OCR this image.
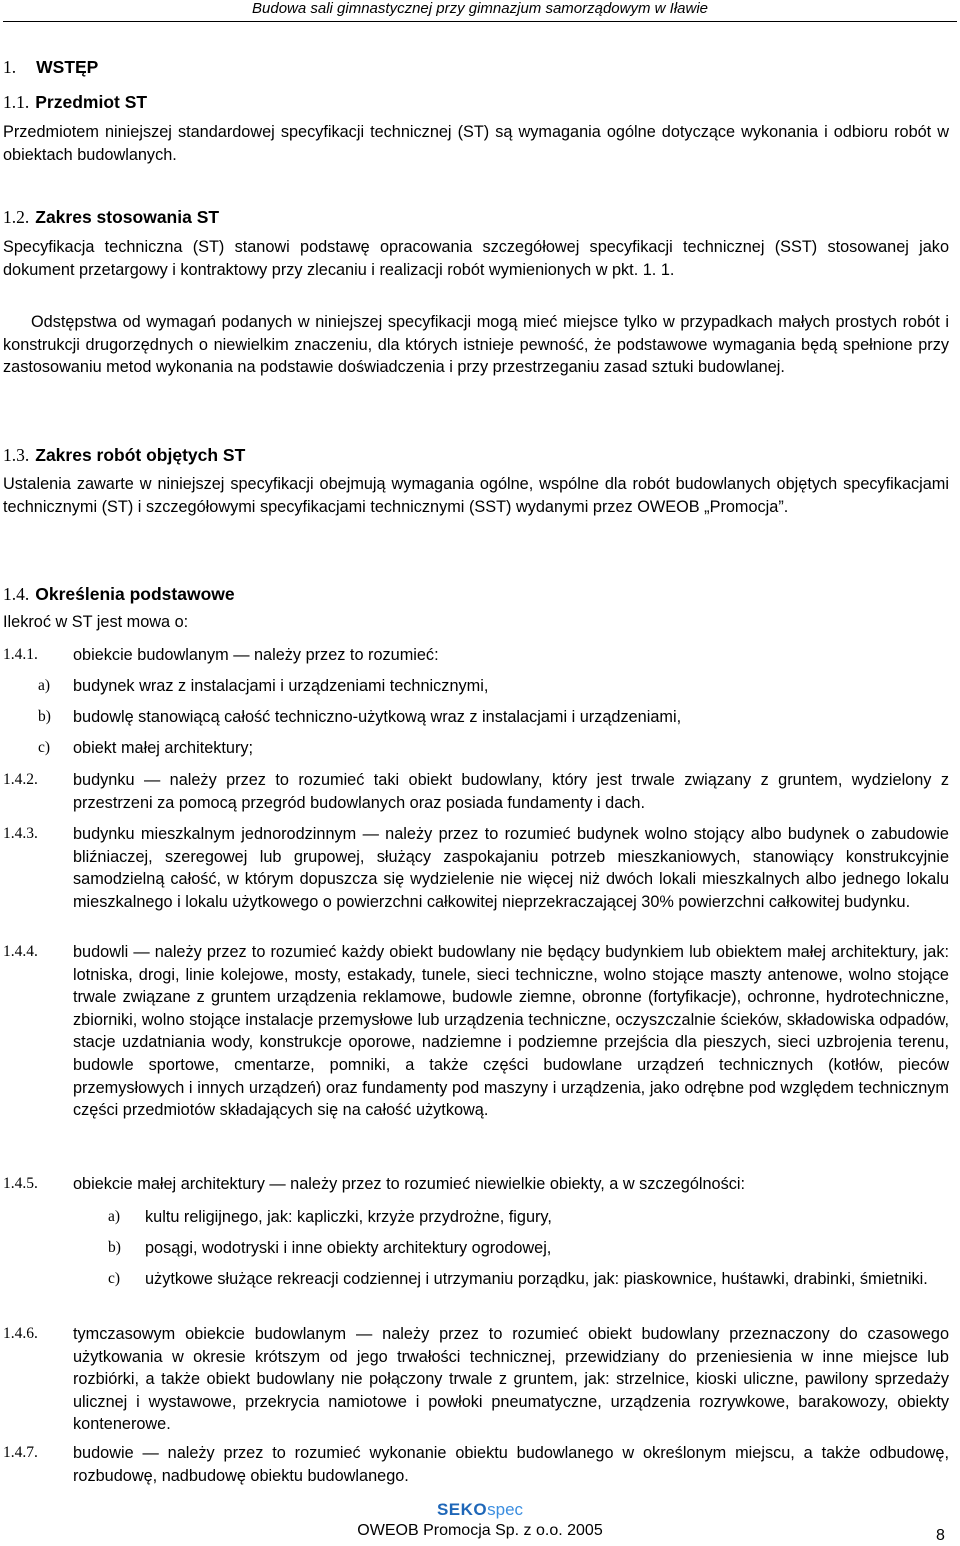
Budowa sali gimnastycznej przy gimnazjum samorządowym w Iławie
1. WSTĘP
1.1. Przedmiot ST
Przedmiotem niniejszej standardowej specyfikacji technicznej (ST) są wymagania ogólne dotyczące wykonania i odbioru robót w obiektach budowlanych.
1.2. Zakres stosowania ST
Specyfikacja techniczna (ST) stanowi podstawę opracowania szczegółowej specyfikacji technicznej (SST) stosowanej jako dokument przetargowy i kontraktowy przy zlecaniu i realizacji robót wymienionych w pkt. 1. 1.
Odstępstwa od wymagań podanych w niniejszej specyfikacji mogą mieć miejsce tylko w przypadkach małych prostych robót i konstrukcji drugorzędnych o niewielkim znaczeniu, dla których istnieje pewność, że podstawowe wymagania będą spełnione przy zastosowaniu metod wykonania na podstawie doświadczenia i przy przestrzeganiu zasad sztuki budowlanej.
1.3. Zakres robót objętych ST
Ustalenia zawarte w niniejszej specyfikacji obejmują wymagania ogólne, wspólne dla robót budowlanych objętych specyfikacjami technicznymi (ST) i szczegółowymi specyfikacjami technicznymi (SST) wydanymi przez OWEOB „Promocja”.
1.4. Określenia podstawowe
Ilekroć w ST jest mowa o:
1.4.1. obiekcie budowlanym — należy przez to rozumieć:
a) budynek wraz z instalacjami i urządzeniami technicznymi,
b) budowlę stanowiącą całość techniczno-użytkową wraz z instalacjami i urządzeniami,
c) obiekt małej architektury;
1.4.2. budynku — należy przez to rozumieć taki obiekt budowlany, który jest trwale związany z gruntem, wydzielony z przestrzeni za pomocą przegród budowlanych oraz posiada fundamenty i dach.
1.4.3. budynku mieszkalnym jednorodzinnym — należy przez to rozumieć budynek wolno stojący albo budynek o zabudowie bliźniaczej, szeregowej lub grupowej, służący zaspokajaniu potrzeb mieszkaniowych, stanowiący konstrukcyjnie samodzielną całość, w którym dopuszcza się wydzielenie nie więcej niż dwóch lokali mieszkalnych albo jednego lokalu mieszkalnego i lokalu użytkowego o powierzchni całkowitej nieprzekraczającej 30% powierzchni całkowitej budynku.
1.4.4. budowli — należy przez to rozumieć każdy obiekt budowlany nie będący budynkiem lub obiektem małej architektury, jak: lotniska, drogi, linie kolejowe, mosty, estakady, tunele, sieci techniczne, wolno stojące maszty antenowe, wolno stojące trwale związane z gruntem urządzenia reklamowe, budowle ziemne, obronne (fortyfikacje), ochronne, hydrotechniczne, zbiorniki, wolno stojące instalacje przemysłowe lub urządzenia techniczne, oczyszczalnie ścieków, składowiska odpadów, stacje uzdatniania wody, konstrukcje oporowe, nadziemne i podziemne przejścia dla pieszych, sieci uzbrojenia terenu, budowle sportowe, cmentarze, pomniki, a także części budowlane urządzeń technicznych (kotłów, pieców przemysłowych i innych urządzeń) oraz fundamenty pod maszyny i urządzenia, jako odrębne pod względem technicznym części przedmiotów składających się na całość użytkową.
1.4.5. obiekcie małej architektury — należy przez to rozumieć niewielkie obiekty, a w szczególności:
a) kultu religijnego, jak: kapliczki, krzyże przydrożne, figury,
b) posągi, wodotryski i inne obiekty architektury ogrodowej,
c) użytkowe służące rekreacji codziennej i utrzymaniu porządku, jak: piaskownice, huśtawki, drabinki, śmietniki.
1.4.6. tymczasowym obiekcie budowlanym — należy przez to rozumieć obiekt budowlany przeznaczony do czasowego użytkowania w okresie krótszym od jego trwałości technicznej, przewidziany do przeniesienia w inne miejsce lub rozbiórki, a także obiekt budowlany nie połączony trwale z gruntem, jak: strzelnice, kioski uliczne, pawilony sprzedaży ulicznej i wystawowe, przekrycia namiotowe i powłoki pneumatyczne, urządzenia rozrywkowe, barakowozy, obiekty kontenerowe.
1.4.7. budowie — należy przez to rozumieć wykonanie obiektu budowlanego w określonym miejscu, a także odbudowę, rozbudowę, nadbudowę obiektu budowlanego.
SEKOspec
OWEOB Promocja Sp. z o.o. 2005	8
